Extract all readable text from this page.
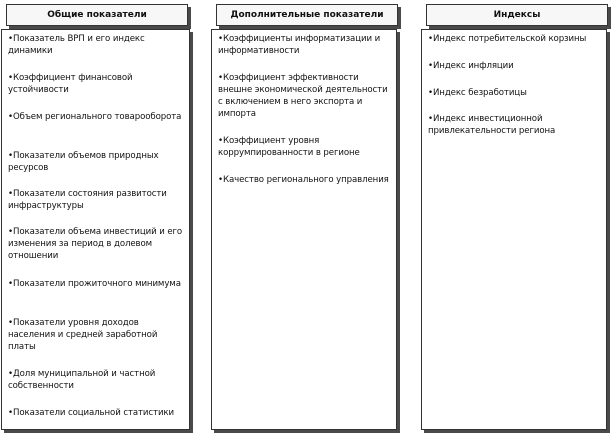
Общие показатели
•Показатель ВРП и его индекс динамики
•Коэффициент финансовой устойчивости
•Объем регионального товарооборота
•Показатели объемов природных ресурсов
•Показатели состояния развитости инфраструктуры
•Показатели объема инвестиций и его изменения за период в долевом отношении
•Показатели прожиточного минимума
•Показатели уровня доходов населения и средней заработной платы
•Доля муниципальной и частной собственности
•Показатели социальной статистики
Дополнительные показатели
•Коэффициенты информатизации и информативности
•Коэффициент эффективности внешне экономической деятельности с включением в него экспорта и импорта
•Коэффициент уровня коррумпированности в регионе
•Качество регионального управления
Индексы
•Индекс потребительской корзины
•Индекс инфляции
•Индекс безработицы
•Индекс инвестиционной привлекательности региона
